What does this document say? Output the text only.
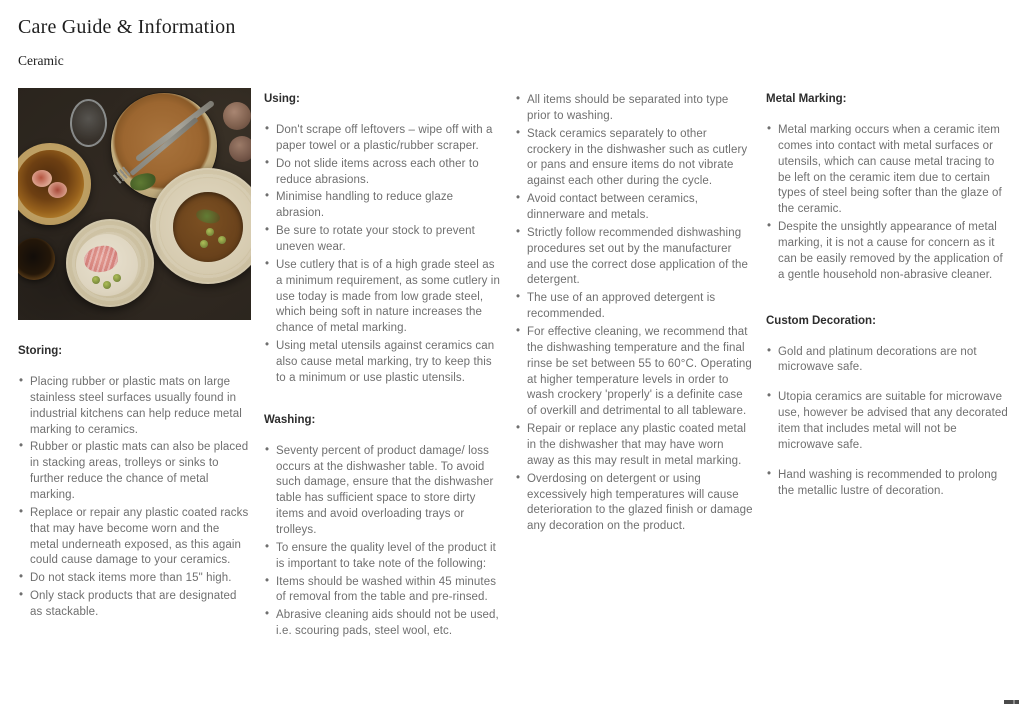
Care Guide & Information
Ceramic
Storing:
• Placing rubber or plastic mats on large stainless steel surfaces usually found in industrial kitchens can help reduce metal marking to ceramics.
• Rubber or plastic mats can also be placed in stacking areas, trolleys or sinks to further reduce the chance of metal marking.
• Replace or repair any plastic coated racks that may have become worn and the metal underneath exposed, as this again could cause damage to your ceramics.
• Do not stack items more than 15" high.
• Only stack products that are designated as stackable.
Using:
• Don't scrape off leftovers – wipe off with a paper towel or a plastic/rubber scraper.
• Do not slide items across each other to reduce abrasions.
• Minimise handling to reduce glaze abrasion.
• Be sure to rotate your stock to prevent uneven wear.
• Use cutlery that is of a high grade steel as a minimum requirement, as some cutlery in use today is made from low grade steel, which being soft in nature increases the chance of metal marking.
• Using metal utensils against ceramics can also cause metal marking, try to keep this to a minimum or use plastic utensils.
Washing:
• Seventy percent of product damage/ loss occurs at the dishwasher table. To avoid such damage, ensure that the dishwasher table has sufficient space to store dirty items and avoid overloading trays or trolleys.
• To ensure the quality level of the product it is important to take note of the following:
• Items should be washed within 45 minutes of removal from the table and pre-rinsed.
• Abrasive cleaning aids should not be used, i.e. scouring pads, steel wool, etc.
• All items should be separated into type prior to washing.
• Stack ceramics separately to other crockery in the dishwasher such as cutlery or pans and ensure items do not vibrate against each other during the cycle.
• Avoid contact between ceramics, dinnerware and metals.
• Strictly follow recommended dishwashing procedures set out by the manufacturer and use the correct dose application of the detergent.
• The use of an approved detergent is recommended.
• For effective cleaning, we recommend that the dishwashing temperature and the final rinse be set between 55 to 60°C. Operating at higher temperature levels in order to wash crockery 'properly' is a definite case of overkill and detrimental to all tableware.
• Repair or replace any plastic coated metal in the dishwasher that may have worn away as this may result in metal marking.
• Overdosing on detergent or using excessively high temperatures will cause deterioration to the glazed finish or damage any decoration on the product.
Metal Marking:
• Metal marking occurs when a ceramic item comes into contact with metal surfaces or utensils, which can cause metal tracing to be left on the ceramic item due to certain types of steel being softer than the glaze of the ceramic.
• Despite the unsightly appearance of metal marking, it is not a cause for concern as it can be easily removed by the application of a gentle household non-abrasive cleaner.
Custom Decoration:
• Gold and platinum decorations are not microwave safe.
• Utopia ceramics are suitable for microwave use, however be advised that any decorated item that includes metal will not be microwave safe.
• Hand washing is recommended to prolong the metallic lustre of decoration.
